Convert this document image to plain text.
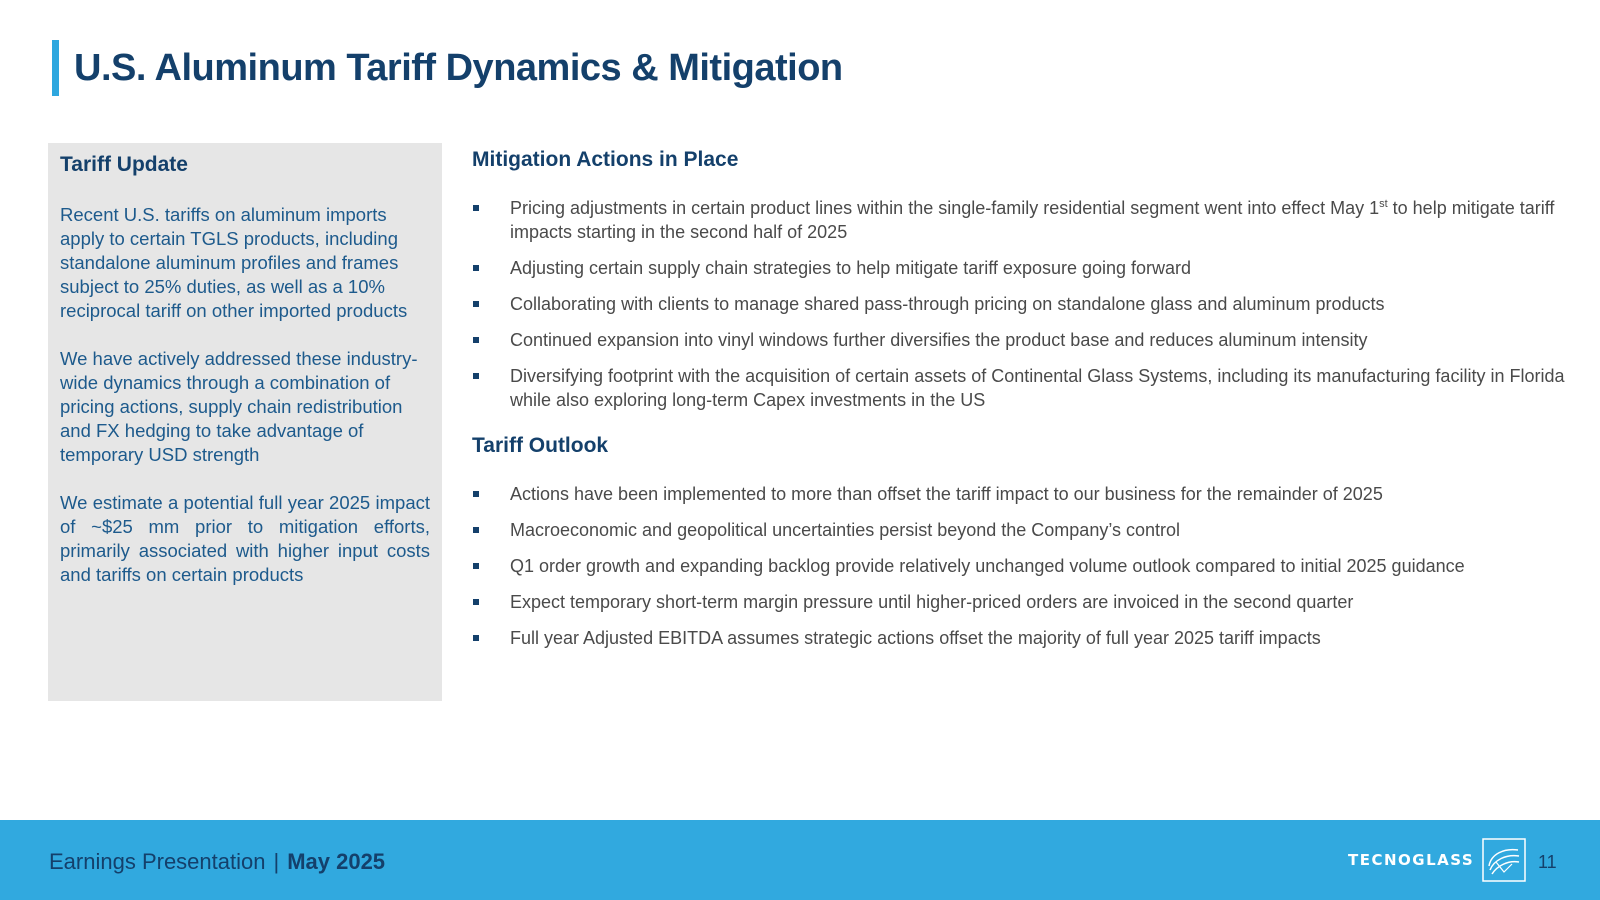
U.S. Aluminum Tariff Dynamics & Mitigation
Tariff Update

Recent U.S. tariffs on aluminum imports apply to certain TGLS products, including standalone aluminum profiles and frames subject to 25% duties, as well as a 10% reciprocal tariff on other imported products

We have actively addressed these industry-wide dynamics through a combination of pricing actions, supply chain redistribution and FX hedging to take advantage of temporary USD strength

We estimate a potential full year 2025 impact of ~$25 mm prior to mitigation efforts, primarily associated with higher input costs and tariffs on certain products

Mitigation Actions in Place
Pricing adjustments in certain product lines within the single-family residential segment went into effect May 1st to help mitigate tariff impacts starting in the second half of 2025
Adjusting certain supply chain strategies to help mitigate tariff exposure going forward
Collaborating with clients to manage shared pass-through pricing on standalone glass and aluminum products
Continued expansion into vinyl windows further diversifies the product base and reduces aluminum intensity
Diversifying footprint with the acquisition of certain assets of Continental Glass Systems, including its manufacturing facility in Florida while also exploring long-term Capex investments in the US
Tariff Outlook
Actions have been implemented to more than offset the tariff impact to our business for the remainder of 2025
Macroeconomic and geopolitical uncertainties persist beyond the Company’s control
Q1 order growth and expanding backlog provide relatively unchanged volume outlook compared to initial 2025 guidance
Expect temporary short-term margin pressure until higher-priced orders are invoiced in the second quarter
Full year Adjusted EBITDA assumes strategic actions offset the majority of full year 2025 tariff impacts
Earnings Presentation | May 2025	TECNOGLASS	11
